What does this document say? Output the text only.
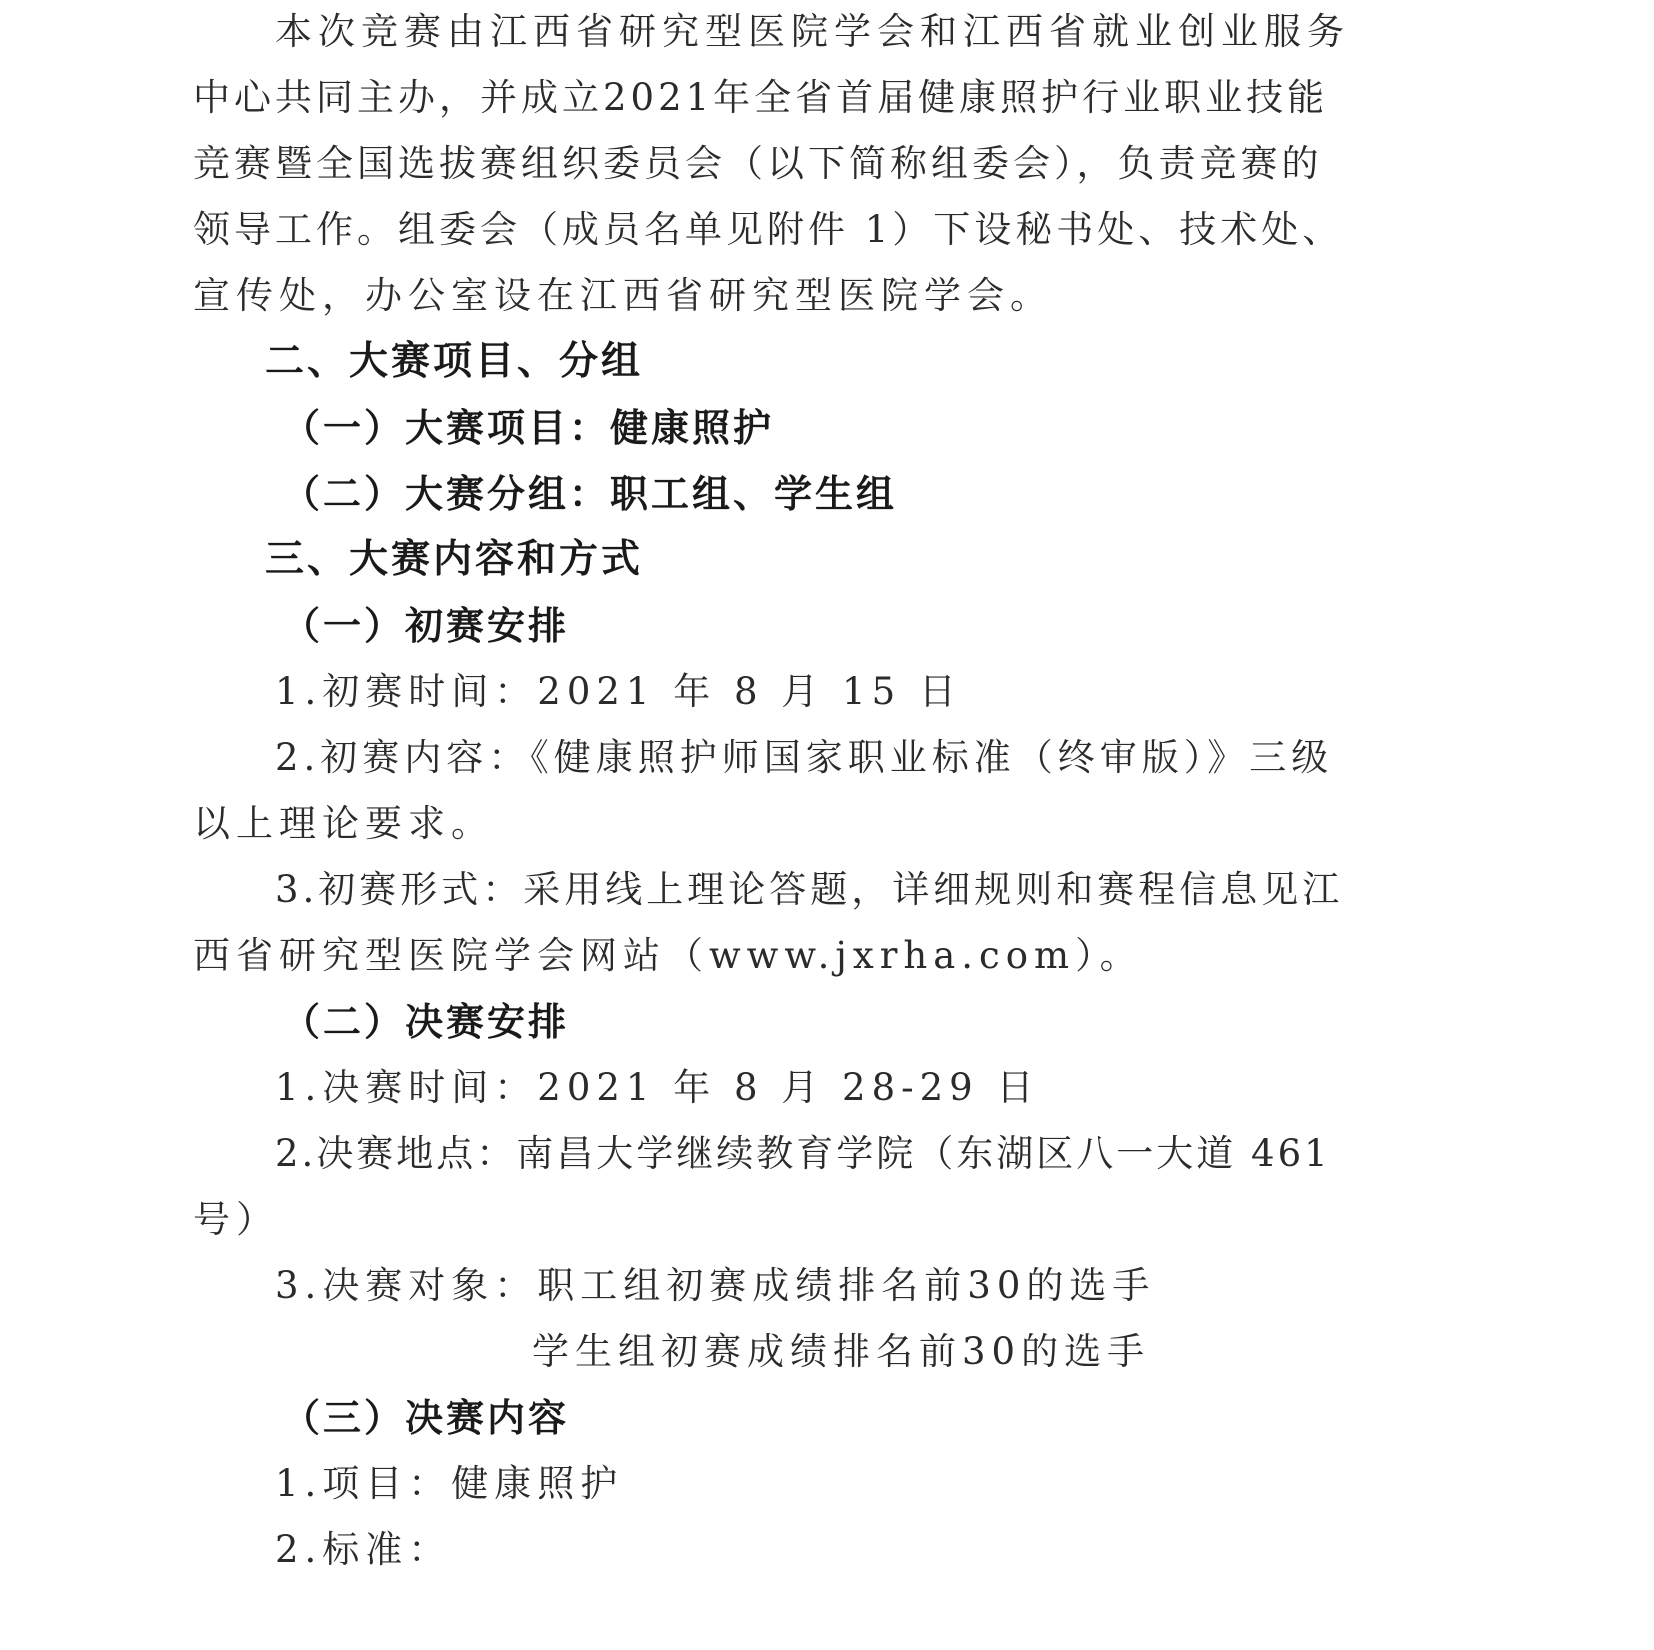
本次竞赛由江西省研究型医院学会和江西省就业创业服务
中心共同主办，并成立2021年全省首届健康照护行业职业技能
竞赛暨全国选拔赛组织委员会（以下简称组委会），负责竞赛的
领导工作。组委会（成员名单见附件 1）下设秘书处、技术处、
宣传处，办公室设在江西省研究型医院学会。
二、大赛项目、分组
（一）大赛项目：健康照护
（二）大赛分组：职工组、学生组
三、大赛内容和方式
（一）初赛安排
1.初赛时间：2021 年 8 月 15 日
2.初赛内容：《健康照护师国家职业标准（终审版）》三级
以上理论要求。
3.初赛形式：采用线上理论答题，详细规则和赛程信息见江
西省研究型医院学会网站（www.jxrha.com）。
（二）决赛安排
1.决赛时间：2021 年 8 月 28-29 日
2.决赛地点：南昌大学继续教育学院（东湖区八一大道 461
号）
3.决赛对象：职工组初赛成绩排名前30的选手
学生组初赛成绩排名前30的选手
（三）决赛内容
1.项目：健康照护
2.标准：
